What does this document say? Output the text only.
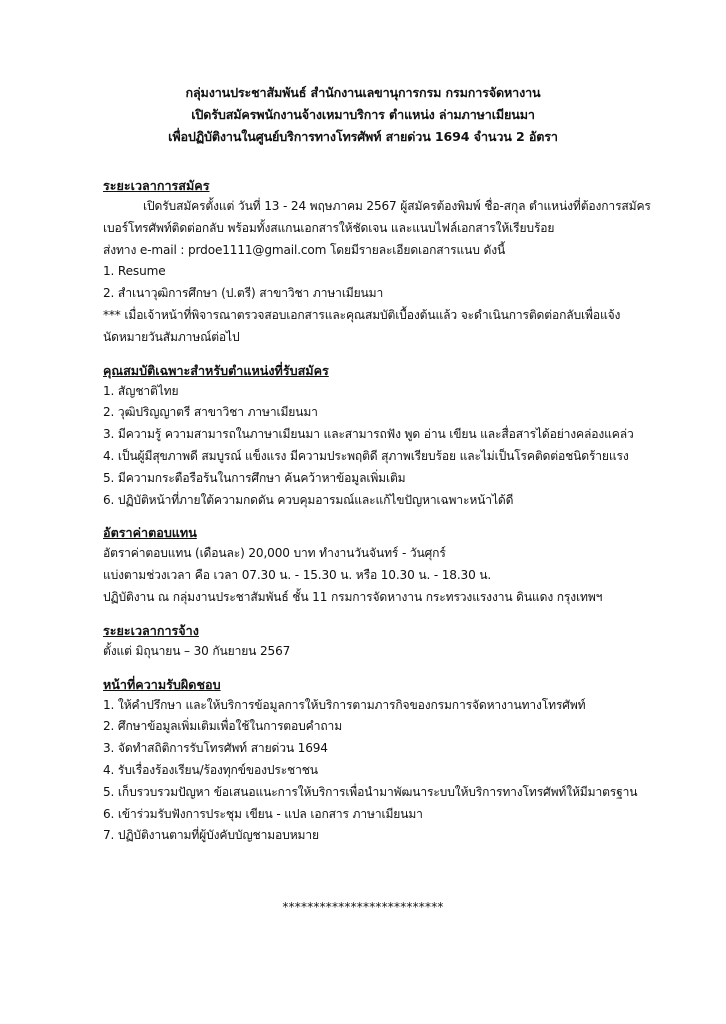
กลุ่มงานประชาสัมพันธ์ สำนักงานเลขานุการกรม กรมการจัดหางาน
เปิดรับสมัครพนักงานจ้างเหมาบริการ ตำแหน่ง ล่ามภาษาเมียนมา
เพื่อปฏิบัติงานในศูนย์บริการทางโทรศัพท์ สายด่วน 1694 จำนวน 2 อัตรา
ระยะเวลาการสมัคร
เปิดรับสมัครตั้งแต่ วันที่ 13 - 24 พฤษภาคม 2567 ผู้สมัครต้องพิมพ์ ชื่อ-สกุล ตำแหน่งที่ต้องการสมัคร
เบอร์โทรศัพท์ติดต่อกลับ พร้อมทั้งสแกนเอกสารให้ชัดเจน และแนบไฟล์เอกสารให้เรียบร้อย
ส่งทาง e-mail : prdoe1111@gmail.com โดยมีรายละเอียดเอกสารแนบ ดังนี้
1. Resume
2. สำเนาวุฒิการศึกษา (ป.ตรี) สาขาวิชา ภาษาเมียนมา
*** เมื่อเจ้าหน้าที่พิจารณาตรวจสอบเอกสารและคุณสมบัติเบื้องต้นแล้ว จะดำเนินการติดต่อกลับเพื่อแจ้ง
นัดหมายวันสัมภาษณ์ต่อไป
คุณสมบัติเฉพาะสำหรับตำแหน่งที่รับสมัคร
1. สัญชาติไทย
2. วุฒิปริญญาตรี สาขาวิชา ภาษาเมียนมา
3. มีความรู้ ความสามารถในภาษาเมียนมา และสามารถฟัง พูด อ่าน เขียน และสื่อสารได้อย่างคล่องแคล่ว
4. เป็นผู้มีสุขภาพดี สมบูรณ์ แข็งแรง มีความประพฤติดี สุภาพเรียบร้อย และไม่เป็นโรคติดต่อชนิดร้ายแรง
5. มีความกระตือรือร้นในการศึกษา ค้นคว้าหาข้อมูลเพิ่มเติม
6. ปฏิบัติหน้าที่ภายใต้ความกดดัน ควบคุมอารมณ์และแก้ไขปัญหาเฉพาะหน้าได้ดี
อัตราค่าตอบแทน
อัตราค่าตอบแทน (เดือนละ) 20,000 บาท ทำงานวันจันทร์ - วันศุกร์
แบ่งตามช่วงเวลา คือ เวลา 07.30 น. - 15.30 น. หรือ 10.30 น. - 18.30 น.
ปฏิบัติงาน ณ กลุ่มงานประชาสัมพันธ์ ชั้น 11 กรมการจัดหางาน กระทรวงแรงงาน ดินแดง กรุงเทพฯ
ระยะเวลาการจ้าง
ตั้งแต่ มิถุนายน – 30 กันยายน 2567
หน้าที่ความรับผิดชอบ
1. ให้คำปรึกษา และให้บริการข้อมูลการให้บริการตามภารกิจของกรมการจัดหางานทางโทรศัพท์
2. ศึกษาข้อมูลเพิ่มเติมเพื่อใช้ในการตอบคำถาม
3. จัดทำสถิติการรับโทรศัพท์ สายด่วน 1694
4. รับเรื่องร้องเรียน/ร้องทุกข์ของประชาชน
5. เก็บรวบรวมปัญหา ข้อเสนอแนะการให้บริการเพื่อนำมาพัฒนาระบบให้บริการทางโทรศัพท์ให้มีมาตรฐาน
6. เข้าร่วมรับฟังการประชุม เขียน - แปล เอกสาร ภาษาเมียนมา
7. ปฏิบัติงานตามที่ผู้บังคับบัญชามอบหมาย
**************************
